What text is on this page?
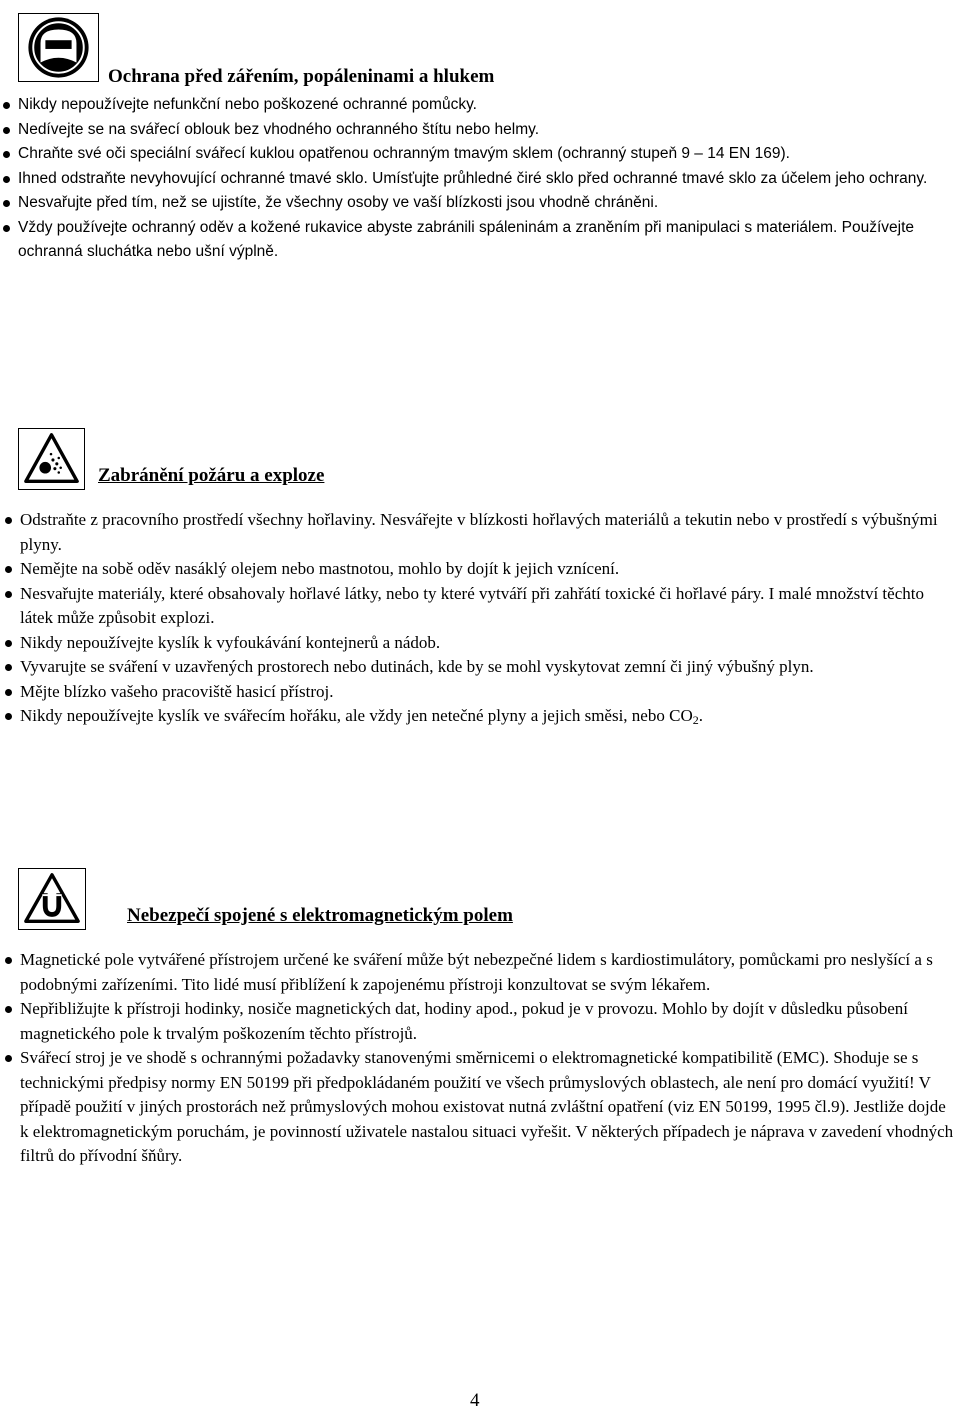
Ochrana před zářením, popáleninami a hlukem
Nikdy nepoužívejte nefunkční nebo poškozené ochranné pomůcky.
Nedívejte se na svářecí oblouk bez vhodného ochranného štítu nebo helmy.
Chraňte své oči speciální svářecí kuklou opatřenou ochranným tmavým sklem (ochranný stupeň 9 – 14 EN 169).
Ihned odstraňte nevyhovující ochranné tmavé sklo. Umísťujte průhledné čiré sklo před ochranné tmavé sklo za účelem jeho ochrany.
Nesvařujte před tím, než se ujistíte, že všechny osoby ve vaší blízkosti jsou vhodně chráněni.
Vždy používejte ochranný oděv a kožené rukavice abyste zabránili spáleninám a zraněním při manipulaci s materiálem. Používejte ochranná sluchátka nebo ušní výplně.
Zabránění požáru a exploze
Odstraňte z pracovního prostředí všechny hořlaviny. Nesvářejte v blízkosti hořlavých materiálů a tekutin nebo v prostředí s výbušnými plyny.
Nemějte na sobě oděv nasáklý olejem nebo mastnotou, mohlo by dojít k jejich vznícení.
Nesvařujte materiály, které obsahovaly hořlavé látky, nebo ty které vytváří při zahřátí toxické či hořlavé páry. I malé množství těchto látek může způsobit explozi.
Nikdy nepoužívejte kyslík k vyfoukávání kontejnerů a nádob.
Vyvarujte se sváření v uzavřených prostorech nebo dutinách, kde by se mohl vyskytovat zemní či jiný výbušný plyn.
Mějte blízko vašeho pracoviště hasicí přístroj.
Nikdy nepoužívejte kyslík ve svářecím hořáku, ale vždy jen netečné plyny a jejich směsi, nebo $CO_2$.
Nebezpečí spojené s elektromagnetickým polem
Magnetické pole vytvářené přístrojem určené ke sváření může být nebezpečné lidem s kardiostimulátory, pomůckami pro neslyšící a s podobnými zařízeními. Tito lidé musí přiblížení k zapojenému přístroji konzultovat se svým lékařem.
Nepřibližujte k přístroji hodinky, nosiče magnetických dat, hodiny apod., pokud je v provozu. Mohlo by dojít v důsledku působení magnetického pole k trvalým poškozením těchto přístrojů.
Svářecí stroj je ve shodě s ochrannými požadavky stanovenými směrnicemi o elektromagnetické kompatibilitě (EMC). Shoduje se s technickými předpisy normy EN 50199 při předpokládaném použití ve všech průmyslových oblastech, ale není pro domácí využití! V případě použití v jiných prostorách než průmyslových mohou existovat nutná zvláštní opatření (viz EN 50199, 1995 čl.9). Jestliže dojde k elektromagnetickým poruchám, je povinností uživatele nastalou situaci vyřešit. V některých případech je náprava v zavedení vhodných filtrů do přívodní šňůry.
4
